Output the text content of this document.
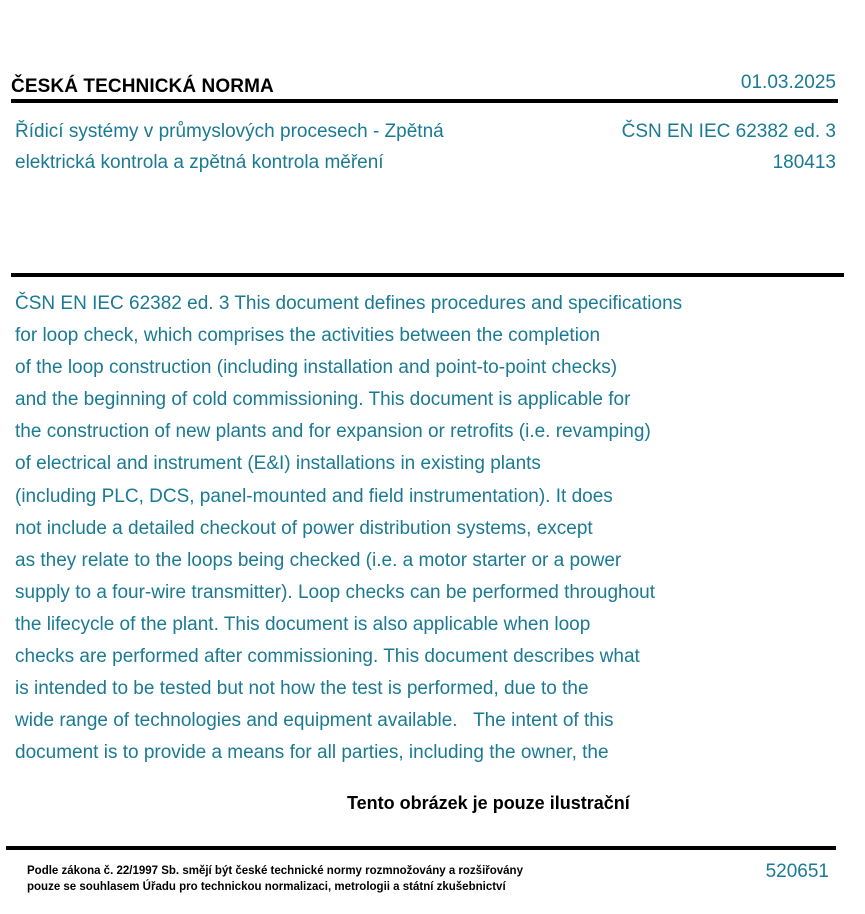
ČESKÁ TECHNICKÁ NORMA	01.03.2025
Řídicí systémy v průmyslových procesech - Zpětná
elektrická kontrola a zpětná kontrola měření
ČSN EN IEC 62382 ed. 3
180413
ČSN EN IEC 62382 ed. 3 This document defines procedures and specifications
for loop check, which comprises the activities between the completion
of the loop construction (including installation and point-to-point checks)
and the beginning of cold commissioning. This document is applicable for
the construction of new plants and for expansion or retrofits (i.e. revamping)
of electrical and instrument (E&I) installations in existing plants
(including PLC, DCS, panel-mounted and field instrumentation). It does
not include a detailed checkout of power distribution systems, except
as they relate to the loops being checked (i.e. a motor starter or a power
supply to a four-wire transmitter). Loop checks can be performed throughout
the lifecycle of the plant. This document is also applicable when loop
checks are performed after commissioning. This document describes what
is intended to be tested but not how the test is performed, due to the
wide range of technologies and equipment available.   The intent of this
document is to provide a means for all parties, including the owner, the
Tento obrázek je pouze ilustrační
Podle zákona č. 22/1997 Sb. smějí být české technické normy rozmnožovány a rozšiřovány
pouze se souhlasem Úřadu pro technickou normalizaci, metrologii a státní zkušebnictví
520651
